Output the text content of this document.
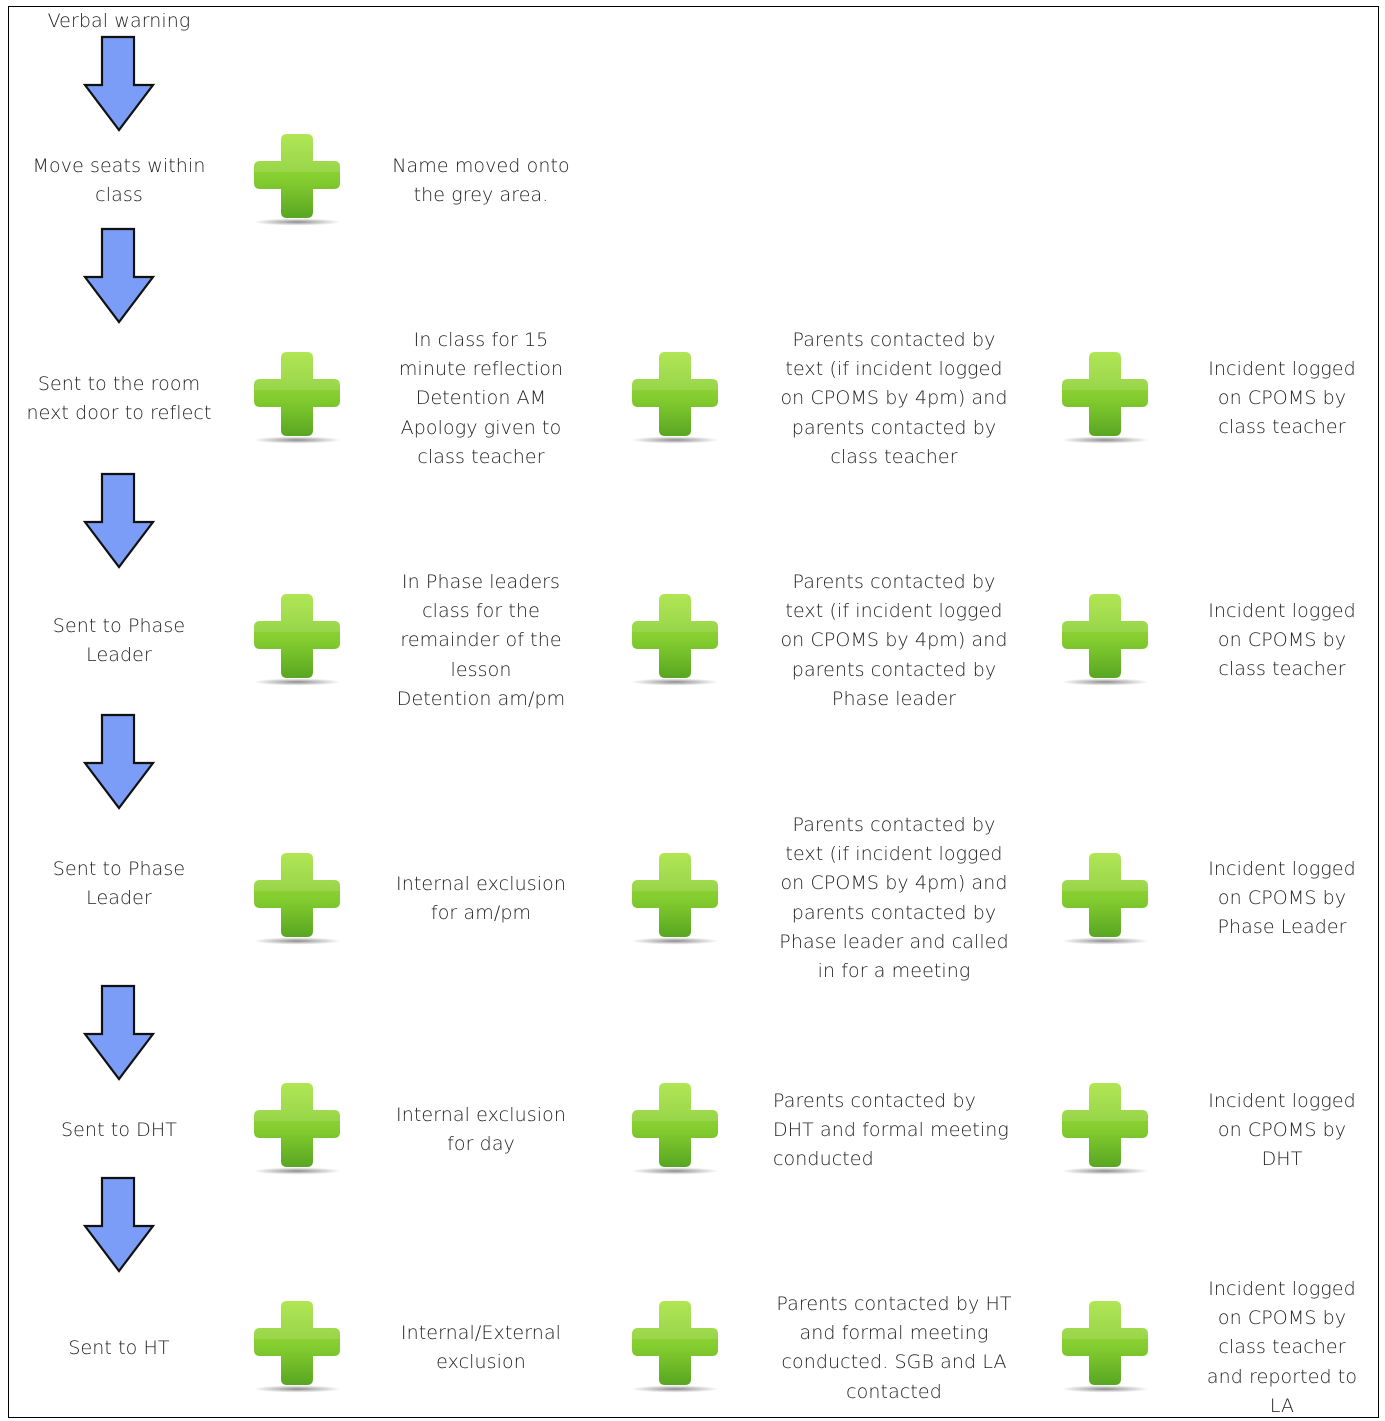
Verbal warning
Move seats within
class
Name moved onto
the grey area.
Sent to the room
next door to reflect
In class for 15
minute reflection
Detention AM
Apology given to
class teacher
Parents contacted by
text (if incident logged
on CPOMS by 4pm) and
parents contacted by
class teacher
Incident logged
on CPOMS by
class teacher
Sent to Phase
Leader
In Phase leaders
class for the
remainder of the
lesson
Detention am/pm
Parents contacted by
text (if incident logged
on CPOMS by 4pm) and
parents contacted by
Phase leader
Incident logged
on CPOMS by
class teacher
Sent to Phase
Leader
Internal exclusion
for am/pm
Parents contacted by
text (if incident logged
on CPOMS by 4pm) and
parents contacted by
Phase leader and called
in for a meeting
Incident logged
on CPOMS by
Phase Leader
Sent to DHT
Internal exclusion
for day
Parents contacted by
DHT and formal meeting
conducted
Incident logged
on CPOMS by
DHT
Sent to HT
Internal/External
exclusion
Parents contacted by HT
and formal meeting
conducted. SGB and LA
contacted
Incident logged
on CPOMS by
class teacher
and reported to
LA
